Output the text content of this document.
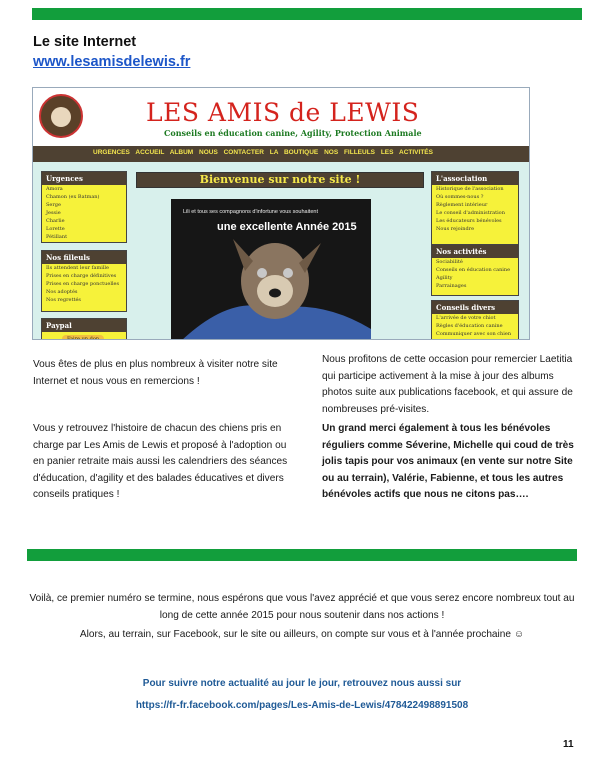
Le site Internet
www.lesamisdelewis.fr
LES AMIS de LEWIS
Conseils en éducation canine, Agility, Protection Animale
URGENCES ACCUEIL ALBUM NOUS CONTACTER LA BOUTIQUE NOS FILLEULS LES ACTIVITÉS
Urgences
Amora
Chamon (ex Batman)
Serge
Jessie
Charlie
Lorette
Pétillant
Nos filleuls
Ils attendent leur famille
Prises en charge définitives
Prises en charge ponctuelles
Nos adoptés
Nos regrettés
Paypal
Faire un don
Bienvenue sur notre site !
Lili et tous ses compagnons d'infortune vous souhaitent
une excellente Année 2015
L'association
Historique de l'association
Où sommes-nous ?
Règlement intérieur
Le conseil d'administration
Les éducateurs bénévoles
Nous rejoindre
Nos activités
Sociabilité
Conseils en éducation canine
Agility
Parrainages
Conseils divers
L'arrivée de votre chiot
Règles d'éducation canine
Communiquer avec son chien
Vous êtes de plus en plus nombreux à visiter notre site Internet et nous vous en remercions !
Vous y retrouvez l'histoire de chacun des chiens pris en charge par Les Amis de Lewis et proposé à l'adoption ou en panier retraite mais aussi les calendriers des séances d'éducation, d'agility et des balades éducatives et divers conseils pratiques !
Nous profitons de cette occasion pour remercier Laetitia qui participe activement à la mise à jour des albums photos suite aux publications facebook, et qui assure de nombreuses pré-visites.
Un grand merci également à tous les bénévoles réguliers comme Séverine, Michelle qui coud de très jolis tapis pour vos animaux (en vente sur notre Site ou au terrain), Valérie, Fabienne, et tous les autres bénévoles actifs que nous ne citons pas….
Voilà, ce premier numéro se termine, nous espérons que vous l'avez apprécié et que vous serez encore nombreux tout au long de cette année 2015 pour nous soutenir dans nos actions !
Alors, au terrain, sur Facebook, sur le site ou ailleurs, on compte sur vous et à l'année prochaine ☺
Pour suivre notre actualité au jour le jour, retrouvez nous aussi sur
https://fr-fr.facebook.com/pages/Les-Amis-de-Lewis/478422498891508
11
